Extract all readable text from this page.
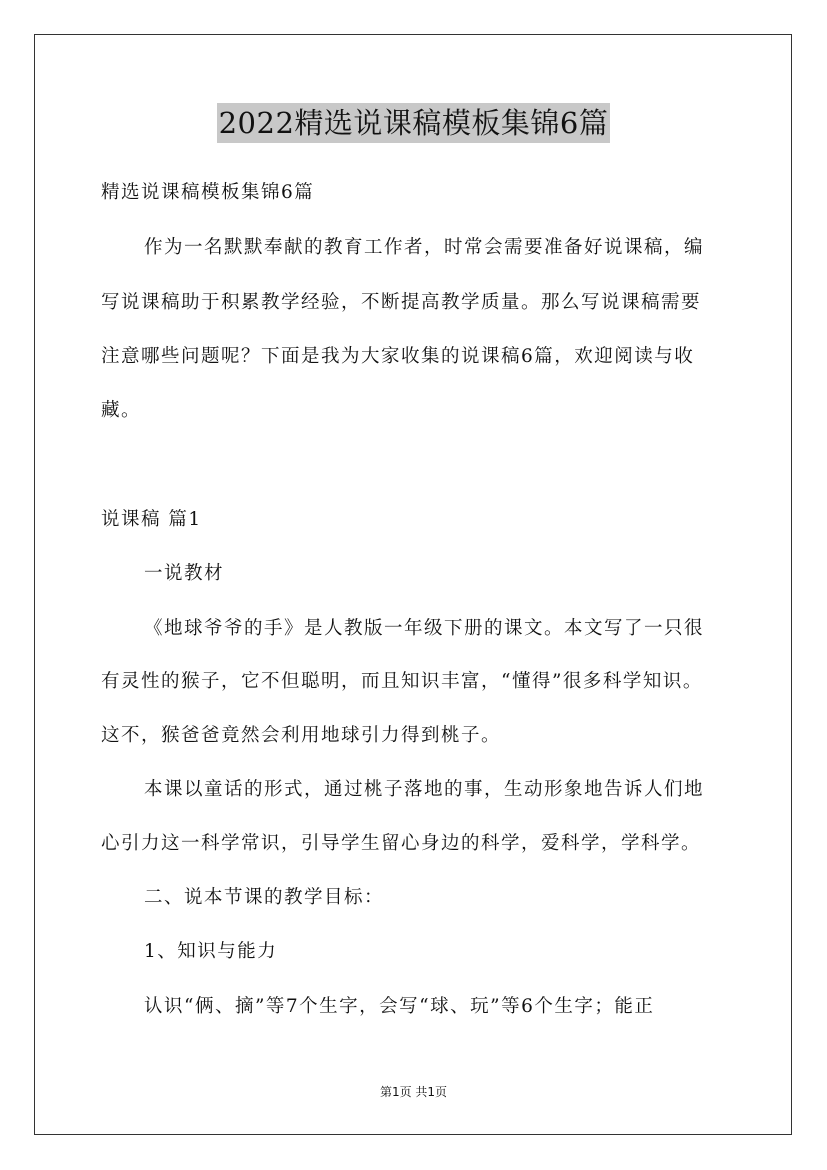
2022精选说课稿模板集锦6篇
精选说课稿模板集锦6篇
作为一名默默奉献的教育工作者，时常会需要准备好说课稿，编
写说课稿助于积累教学经验，不断提高教学质量。那么写说课稿需要
注意哪些问题呢？下面是我为大家收集的说课稿6篇，欢迎阅读与收
藏。
说课稿 篇1
一说教材
《地球爷爷的手》是人教版一年级下册的课文。本文写了一只很
有灵性的猴子，它不但聪明，而且知识丰富，“懂得”很多科学知识。
这不，猴爸爸竟然会利用地球引力得到桃子。
本课以童话的形式，通过桃子落地的事，生动形象地告诉人们地
心引力这一科学常识，引导学生留心身边的科学，爱科学，学科学。
二、说本节课的教学目标：
1、知识与能力
认识“俩、摘”等7个生字，会写“球、玩”等6个生字；能正
第1页 共1页
